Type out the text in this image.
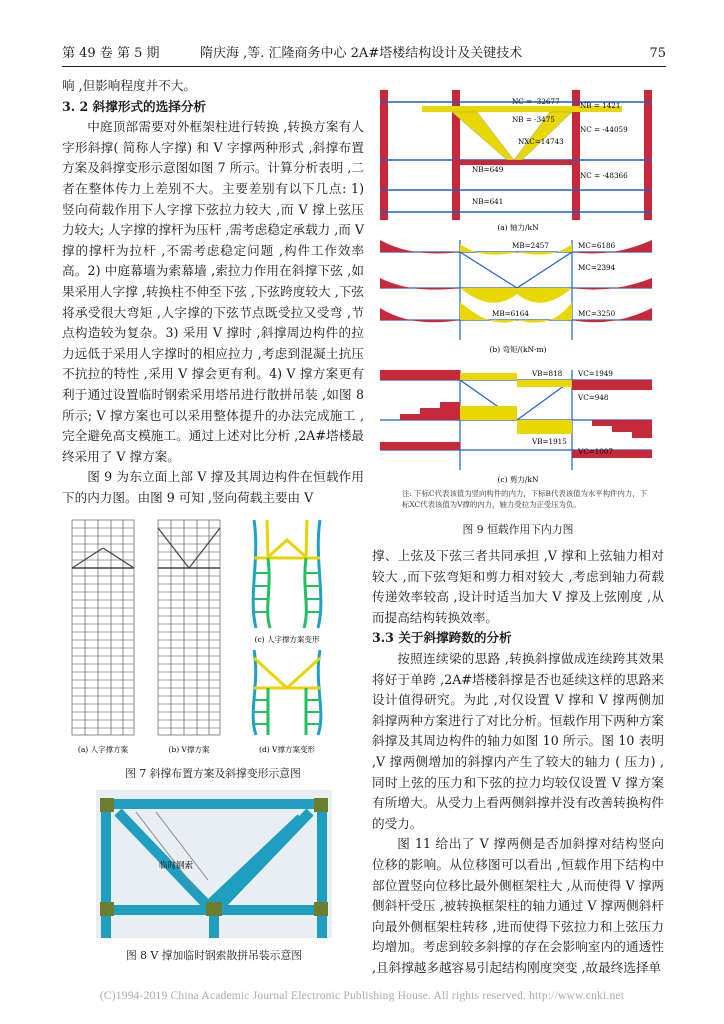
第 49 卷 第 5 期	隋庆海 ,等. 汇隆商务中心 2A#塔楼结构设计及关键技术	75

响 ,但影响程度并不大。

3. 2 斜撑形式的选择分析

中庭顶部需要对外框架柱进行转换 ,转换方案有人字形斜撑( 简称人字撑) 和 V 字撑两种形式 ,斜撑布置方案及斜撑变形示意图如图 7 所示。计算分析表明 ,二者在整体传力上差别不大。主要差别有以下几点: 1) 竖向荷载作用下人字撑下弦拉力较大 ,而 V 撑上弦压力较大; 人字撑的撑杆为压杆 ,需考虑稳定承载力 ,而 V 撑的撑杆为拉杆 ,不需考虑稳定问题 ,构件工作效率高。2) 中庭幕墙为索幕墙 ,索拉力作用在斜撑下弦 ,如果采用人字撑 ,转换柱不伸至下弦 ,下弦跨度较大 ,下弦将承受很大弯矩 ,人字撑的下弦节点既受拉又受弯 ,节点构造较为复杂。3) 采用 V 撑时 ,斜撑周边构件的拉力远低于采用人字撑时的相应拉力 ,考虑到混凝土抗压不抗拉的特性 ,采用 V 撑会更有利。4) V 撑方案更有利于通过设置临时钢索采用塔吊进行散拼吊装 ,如图 8 所示; V 撑方案也可以采用整体提升的办法完成施工 ,完全避免高支模施工。通过上述对比分析 ,2A#塔楼最终采用了 V 撑方案。

图 9 为东立面上部 V 撑及其周边构件在恒载作用下的内力图。由图 9 可知 ,竖向荷载主要由 V

(c) 人字撑方案变形
(a) 人字撑方案	(b) V撑方案	(d) V撑方案变形
图 7 斜撑布置方案及斜撑变形示意图
临时钢索
图 8 V 撑加临时钢索散拼吊装示意图
NC = -32677	NB = 1421
NB = -3475
NC = -44059
NXC=14743
NB=649
NC = -48366
NB=641
(a) 轴力/kN
MB=2457	MC=6186
MC=2394
MB=6164	MC=3250
(b) 弯矩/(kN·m)
VB=818 VC=1949
VC=948
VB=1915
VC=1007
(c) 剪力/kN
注: 下标C代表该值为竖向构件的内力，下标B代表该值为水平构件内力，下标XC代表该值为V撑的内力，轴力受拉为正受压为负。
图 9 恒载作用下内力图

撑、上弦及下弦三者共同承担 ,V 撑和上弦轴力相对较大 ,而下弦弯矩和剪力相对较大 ,考虑到轴力荷载传递效率较高 ,设计时适当加大 V 撑及上弦刚度 ,从而提高结构转换效率。

3.3 关于斜撑跨数的分析

按照连续梁的思路 ,转换斜撑做成连续跨其效果将好于单跨 ,2A#塔楼斜撑是否也延续这样的思路来设计值得研究。为此 ,对仅设置 V 撑和 V 撑两侧加斜撑两种方案进行了对比分析。恒载作用下两种方案斜撑及其周边构件的轴力如图 10 所示。图 10 表明 ,V 撑两侧增加的斜撑内产生了较大的轴力 ( 压力) ,同时上弦的压力和下弦的拉力均较仅设置 V 撑方案有所增大。从受力上看两侧斜撑并没有改善转换构件的受力。

图 11 给出了 V 撑两侧是否加斜撑对结构竖向位移的影响。从位移图可以看出 ,恒载作用下结构中部位置竖向位移比最外侧框架柱大 ,从而使得 V 撑两侧斜杆受压 ,被转换框架柱的轴力通过 V 撑两侧斜杆向最外侧框架柱转移 ,进而使得下弦拉力和上弦压力均增加。考虑到较多斜撑的存在会影响室内的通透性 ,且斜撑越多越容易引起结构刚度突变 ,故最终选择单

(C)1994-2019 China Academic Journal Electronic Publishing House. All rights reserved. http://www.cnki.net
